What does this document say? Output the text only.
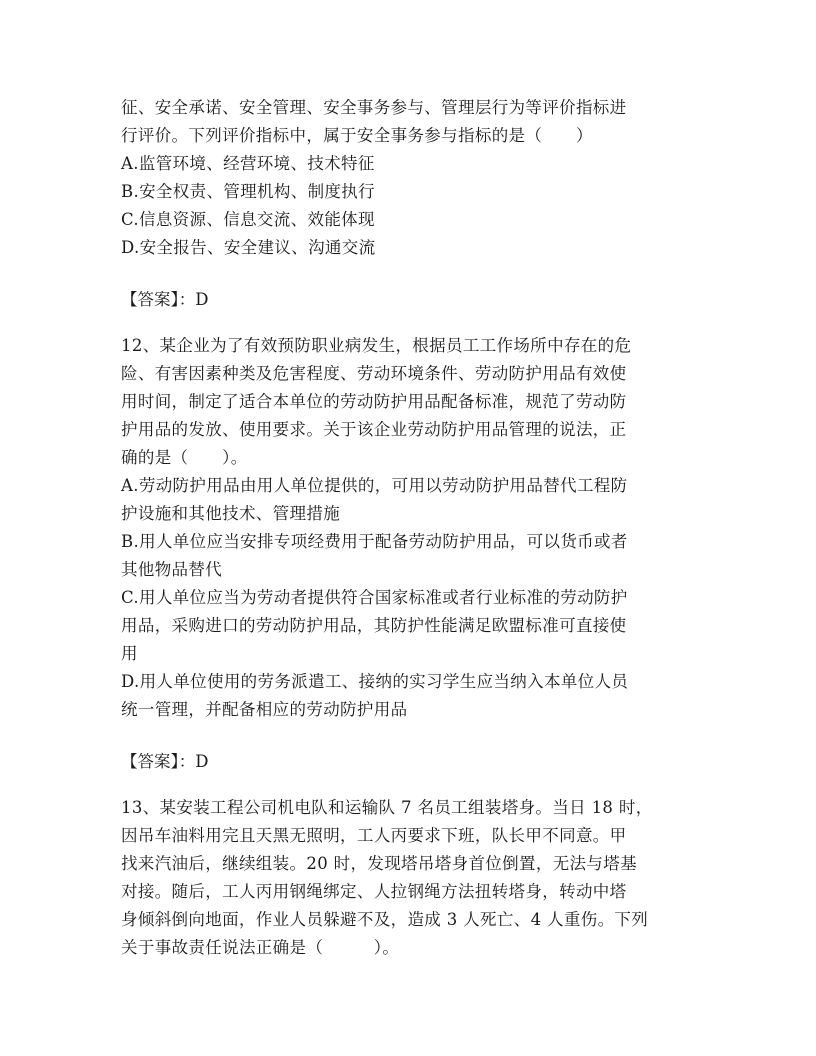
征、安全承诺、安全管理、安全事务参与、管理层行为等评价指标进
行评价。下列评价指标中，属于安全事务参与指标的是（　　）
A.监管环境、经营环境、技术特征
B.安全权责、管理机构、制度执行
C.信息资源、信息交流、效能体现
D.安全报告、安全建议、沟通交流
【答案】：D
12、某企业为了有效预防职业病发生，根据员工工作场所中存在的危
险、有害因素种类及危害程度、劳动环境条件、劳动防护用品有效使
用时间，制定了适合本单位的劳动防护用品配备标准，规范了劳动防
护用品的发放、使用要求。关于该企业劳动防护用品管理的说法，正
确的是（　　）。
A.劳动防护用品由用人单位提供的，可用以劳动防护用品替代工程防
护设施和其他技术、管理措施
B.用人单位应当安排专项经费用于配备劳动防护用品，可以货币或者
其他物品替代
C.用人单位应当为劳动者提供符合国家标准或者行业标准的劳动防护
用品，采购进口的劳动防护用品，其防护性能满足欧盟标准可直接使
用
D.用人单位使用的劳务派遣工、接纳的实习学生应当纳入本单位人员
统一管理，并配备相应的劳动防护用品
【答案】：D
13、某安装工程公司机电队和运输队 7 名员工组装塔身。当日 18 时，
因吊车油料用完且天黑无照明，工人丙要求下班，队长甲不同意。甲
找来汽油后，继续组装。20 时，发现塔吊塔身首位倒置，无法与塔基
对接。随后，工人丙用钢绳绑定、人拉钢绳方法扭转塔身，转动中塔
身倾斜倒向地面，作业人员躲避不及，造成 3 人死亡、4 人重伤。下列
关于事故责任说法正确是（　　　）。
